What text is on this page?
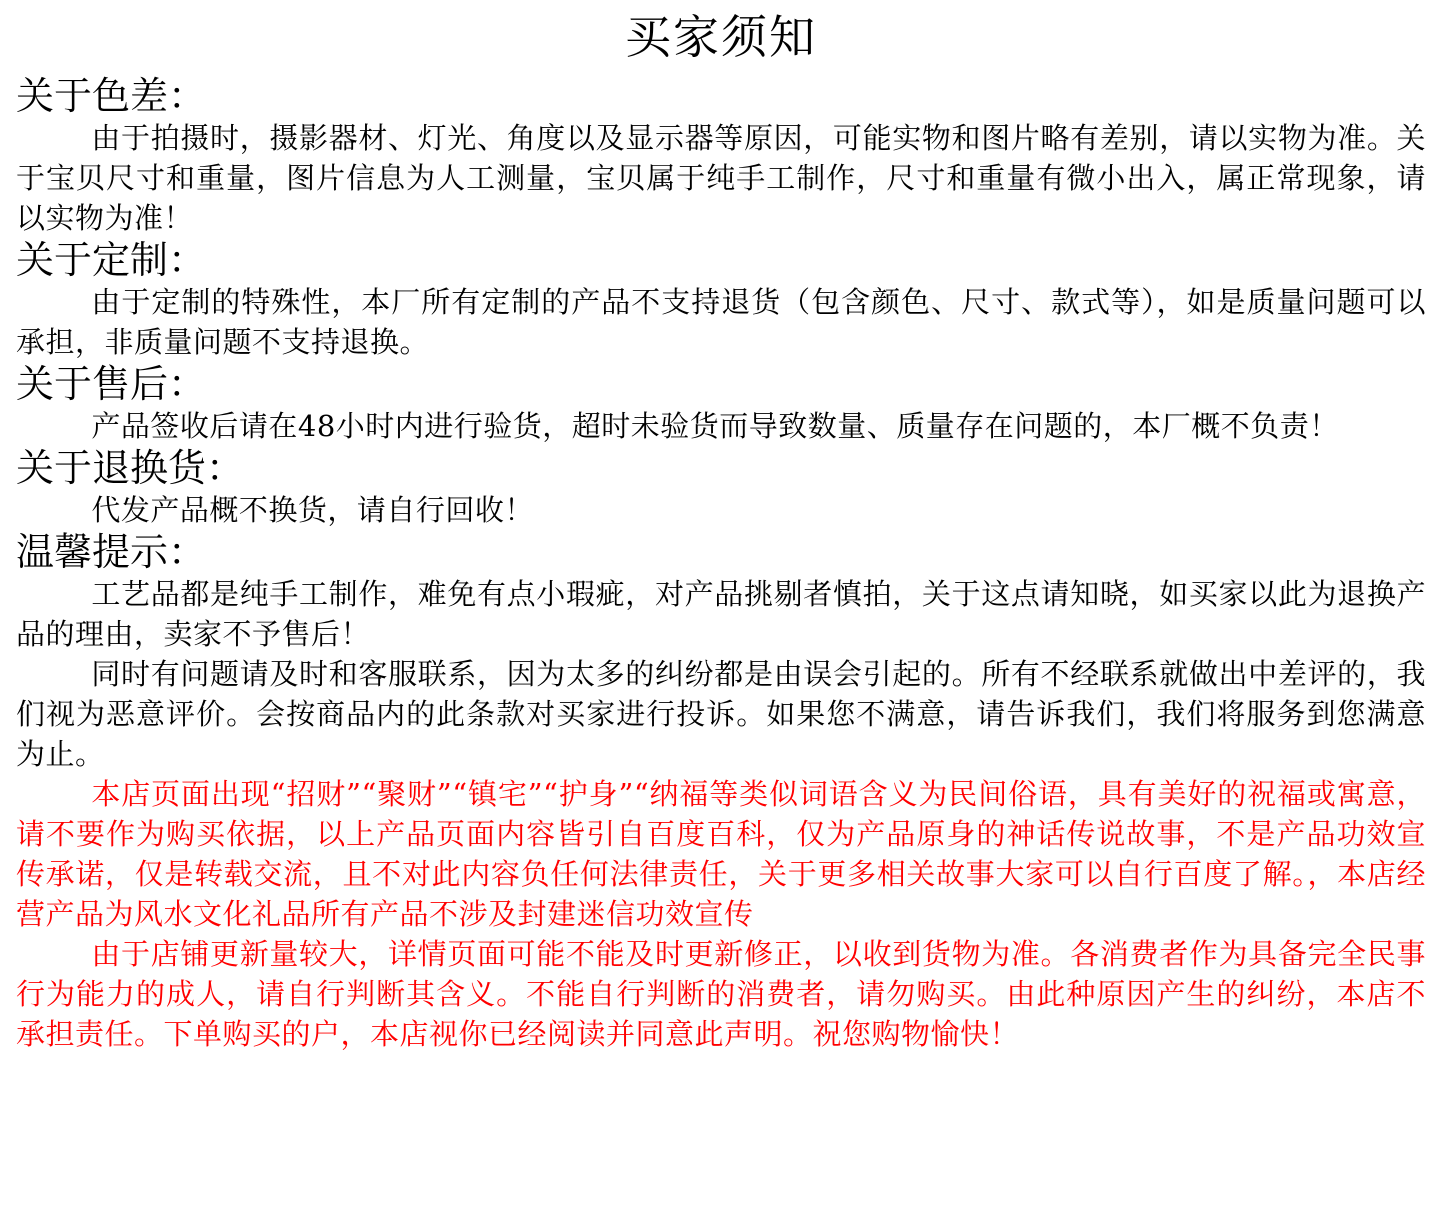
买家须知
关于色差：

由于拍摄时，摄影器材、灯光、角度以及显示器等原因，可能实物和图片略有差别，请以实物为准。关于宝贝尺寸和重量，图片信息为人工测量，宝贝属于纯手工制作，尺寸和重量有微小出入，属正常现象，请以实物为准！

关于定制：

由于定制的特殊性，本厂所有定制的产品不支持退货（包含颜色、尺寸、款式等），如是质量问题可以承担，非质量问题不支持退换。

关于售后：

产品签收后请在48小时内进行验货，超时未验货而导致数量、质量存在问题的，本厂概不负责！

关于退换货：

代发产品概不换货，请自行回收！

温馨提示：

工艺品都是纯手工制作，难免有点小瑕疵，对产品挑剔者慎拍，关于这点请知晓，如买家以此为退换产品的理由，卖家不予售后！

同时有问题请及时和客服联系，因为太多的纠纷都是由误会引起的。所有不经联系就做出中差评的，我们视为恶意评价。会按商品内的此条款对买家进行投诉。如果您不满意，请告诉我们，我们将服务到您满意为止。

本店页面出现“招财”“聚财”“镇宅”“护身”“纳福等类似词语含义为民间俗语，具有美好的祝福或寓意，请不要作为购买依据，以上产品页面内容皆引自百度百科，仅为产品原身的神话传说故事，不是产品功效宣传承诺，仅是转载交流，且不对此内容负任何法律责任，关于更多相关故事大家可以自行百度了解。，本店经营产品为风水文化礼品所有产品不涉及封建迷信功效宣传

由于店铺更新量较大，详情页面可能不能及时更新修正，以收到货物为准。各消费者作为具备完全民事行为能力的成人，请自行判断其含义。不能自行判断的消费者，请勿购买。由此种原因产生的纠纷，本店不承担责任。下单购买的户，本店视你已经阅读并同意此声明。祝您购物愉快！
